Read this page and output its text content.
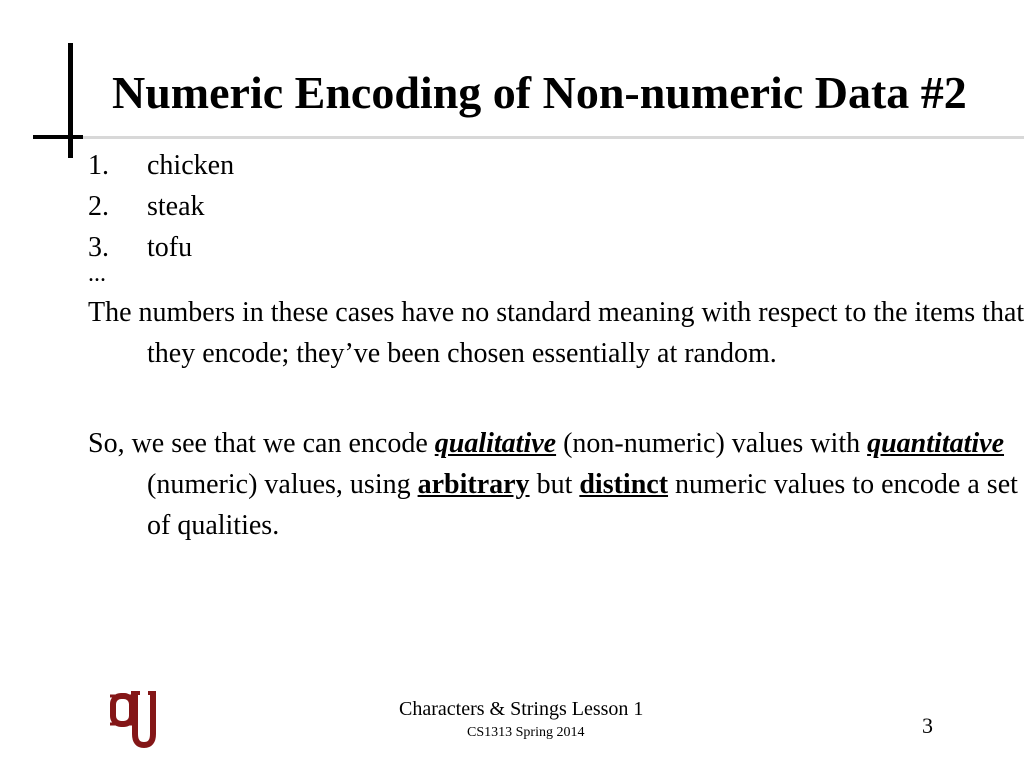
Numeric Encoding of Non-numeric Data #2
1. chicken
2. steak
3. tofu
...

The numbers in these cases have no standard meaning with respect to the items that they encode; they’ve been chosen essentially at random.

So, we see that we can encode qualitative (non-numeric) values with quantitative (numeric) values, using arbitrary but distinct numeric values to encode a set of qualities.

Characters & Strings Lesson 1
CS1313 Spring 2014	3
